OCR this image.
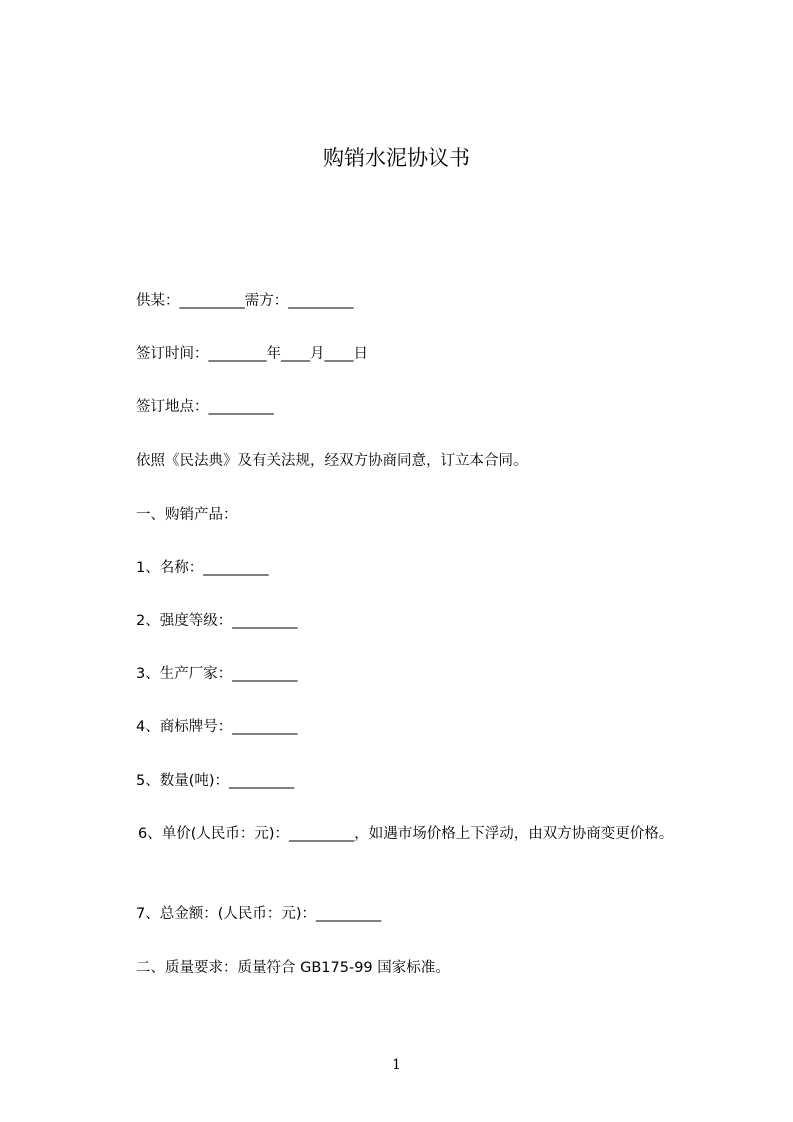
购销水泥协议书
供某：_________需方：_________
签订时间：________年____月____日
签订地点：_________
依照《民法典》及有关法规，经双方协商同意，订立本合同。
一、购销产品：
1、名称：_________
2、强度等级：_________
3、生产厂家：_________
4、商标牌号：_________
5、数量(吨)：_________
6、单价(人民币：元)：_________，如遇市场价格上下浮动，由双方协商变更价格。
7、总金额：(人民币：元)：_________
二、质量要求：质量符合 GB175-99 国家标准。
1
